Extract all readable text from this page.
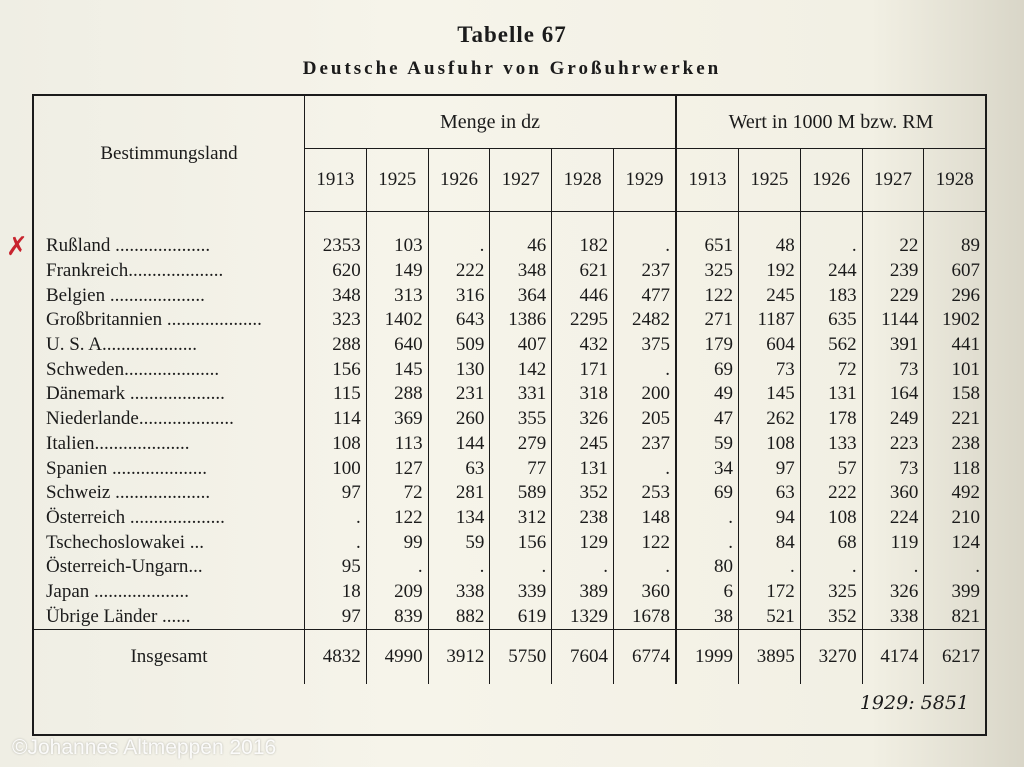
Tabelle 67
Deutsche Ausfuhr von Großuhrwerken
✗
Bestimmungsland	Menge in dz						Wert in 1000 M bzw. RM				
	1913	1925	1926	1927	1928	1929	1913	1925	1926	1927	1928

Rußland ....................	2353	103	.	46	182	.	651	48	.	22	89
Frankreich....................	620	149	222	348	621	237	325	192	244	239	607
Belgien ....................	348	313	316	364	446	477	122	245	183	229	296
Großbritannien ....................	323	1402	643	1386	2295	2482	271	1187	635	1144	1902
U. S. A....................	288	640	509	407	432	375	179	604	562	391	441
Schweden....................	156	145	130	142	171	.	69	73	72	73	101
Dänemark ....................	115	288	231	331	318	200	49	145	131	164	158
Niederlande....................	114	369	260	355	326	205	47	262	178	249	221
Italien....................	108	113	144	279	245	237	59	108	133	223	238
Spanien ....................	100	127	63	77	131	.	34	97	57	73	118
Schweiz ....................	97	72	281	589	352	253	69	63	222	360	492
Österreich ....................	.	122	134	312	238	148	.	94	108	224	210
Tschechoslowakei ...	.	99	59	156	129	122	.	84	68	119	124
Österreich-Ungarn...	95	.	.	.	.	.	80	.	.	.	.
Japan ....................	18	209	338	339	389	360	6	172	325	326	399
Übrige Länder ......	97	839	882	619	1329	1678	38	521	352	338	821
Insgesamt	4832	4990	3912	5750	7604	6774	1999	3895	3270	4174	6217
1929: 5851
©Johannes Altmeppen 2016
